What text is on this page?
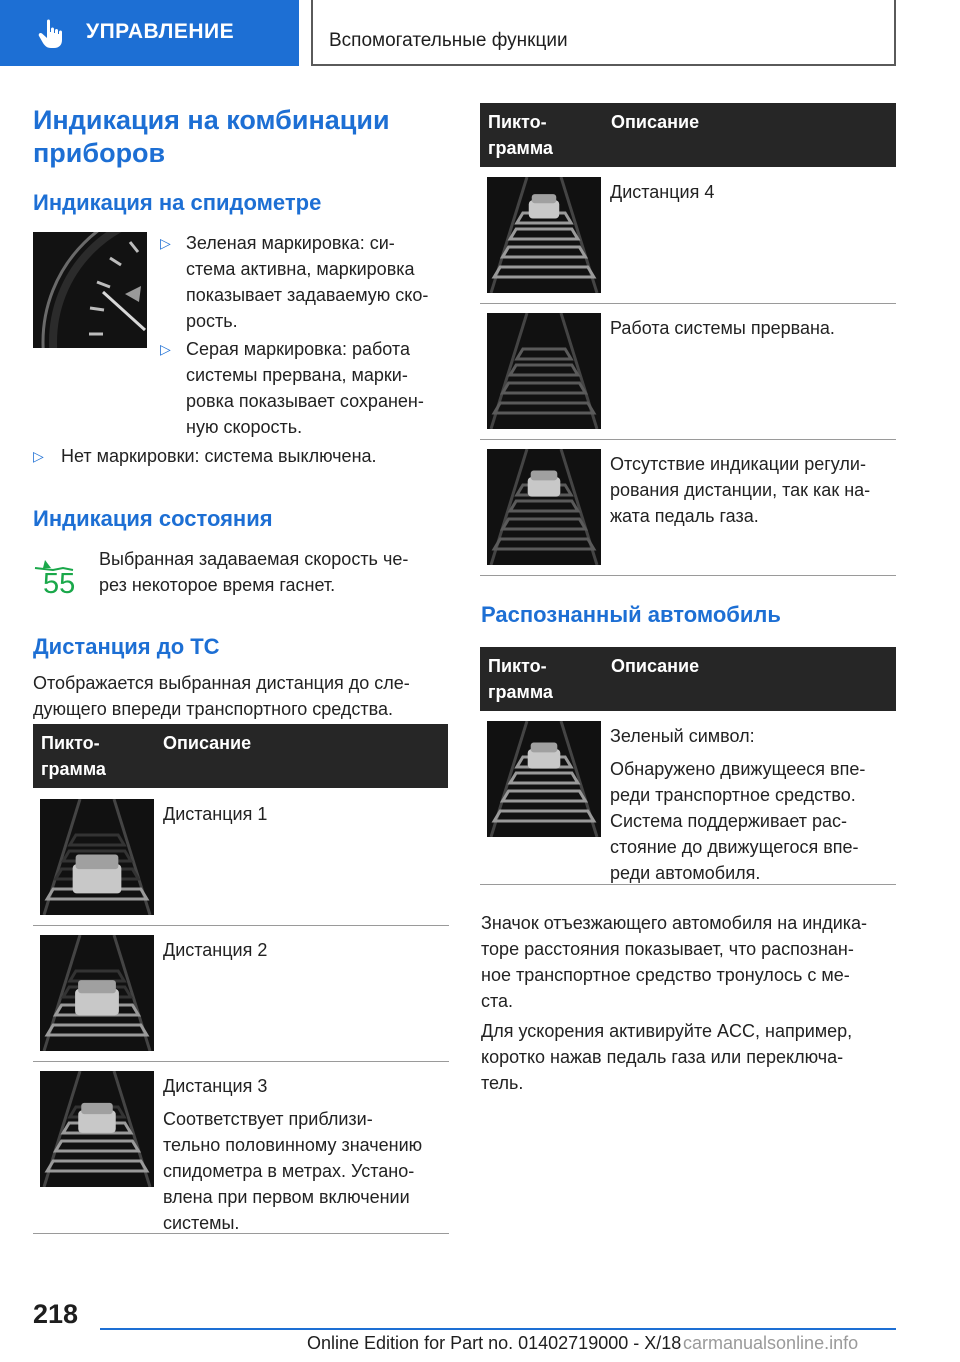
УПРАВЛЕНИЕ	Вспомогательные функции
Индикация на комбинации приборов
Индикация на спидометре
▷ Зеленая маркировка: си-
стема активна, маркировка
показывает задаваемую ско-
рость.
▷ Серая маркировка: работа
системы прервана, марки-
ровка показывает сохранен-
ную скорость.
▷ Нет маркировки: система выключена.
Индикация состояния
55
Выбранная задаваемая скорость че-
рез некоторое время гаснет.
Дистанция до ТС
Отображается выбранная дистанция до сле-
дующего впереди транспортного средства.
Пикто-
грамма
Описание

Дистанция 1

Дистанция 2

Дистанция 3

Соответствует приблизи-
тельно половинному значению
спидометра в метрах. Устано-
влена при первом включении
системы.

Пикто-
грамма
Описание

Дистанция 4

Работа системы прервана.

Отсутствие индикации регули-
рования дистанции, так как на-
жата педаль газа.

Распознанный автомобиль
Пикто-
грамма
Описание

Зеленый символ:

Обнаружено движущееся впе-
реди транспортное средство.
Система поддерживает рас-
стояние до движущегося впе-
реди автомобиля.

Значок отъезжающего автомобиля на индика-
торе расстояния показывает, что распознан-
ное транспортное средство тронулось с ме-
ста.
Для ускорения активируйте ACC, например,
коротко нажав педаль газа или переключа-
тель.
218
Online Edition for Part no. 01402719000 - X/18 carmanualsonline.info
